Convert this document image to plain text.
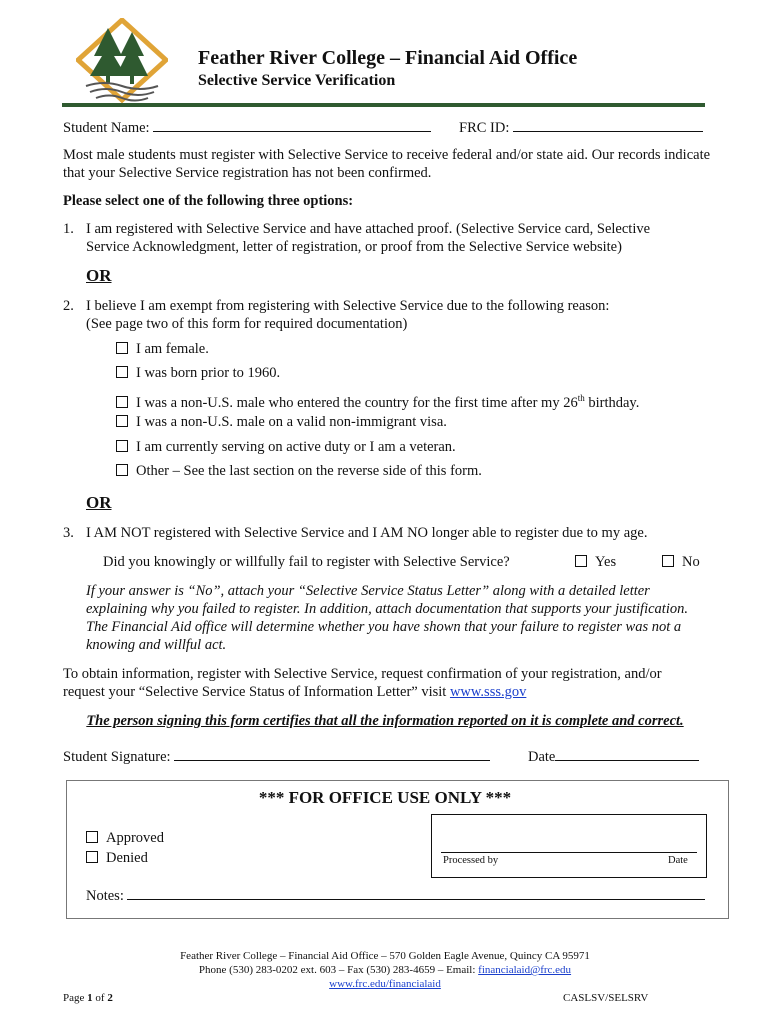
Feather River College – Financial Aid Office
Selective Service Verification
Student Name:	FRC ID:
Most male students must register with Selective Service to receive federal and/or state aid. Our records indicate that your Selective Service registration has not been confirmed.
Please select one of the following three options:
1. I am registered with Selective Service and have attached proof. (Selective Service card, Selective
Service Acknowledgment, letter of registration, or proof from the Selective Service website)
OR
2. I believe I am exempt from registering with Selective Service due to the following reason:
(See page two of this form for required documentation)
I am female.
I was born prior to 1960.
I was a non-U.S. male who entered the country for the first time after my 26th birthday.
I was a non-U.S. male on a valid non-immigrant visa.
I am currently serving on active duty or I am a veteran.
Other – See the last section on the reverse side of this form.
OR
3. I AM NOT registered with Selective Service and I AM NO longer able to register due to my age.
Did you knowingly or willfully fail to register with Selective Service?	Yes	No
If your answer is “No”, attach your “Selective Service Status Letter” along with a detailed letter
explaining why you failed to register. In addition, attach documentation that supports your justification.
The Financial Aid office will determine whether you have shown that your failure to register was not a
knowing and willful act.
To obtain information, register with Selective Service, request confirmation of your registration, and/or
request your “Selective Service Status of Information Letter” visit www.sss.gov
The person signing this form certifies that all the information reported on it is complete and correct.
Student Signature:	Date
*** FOR OFFICE USE ONLY ***
Approved
Denied	Processed by	Date
Notes:
Feather River College – Financial Aid Office – 570 Golden Eagle Avenue, Quincy CA 95971
Phone (530) 283-0202 ext. 603 – Fax (530) 283-4659 – Email: financialaid@frc.edu
www.frc.edu/financialaid
Page 1 of 2	CASLSV/SELSRV
